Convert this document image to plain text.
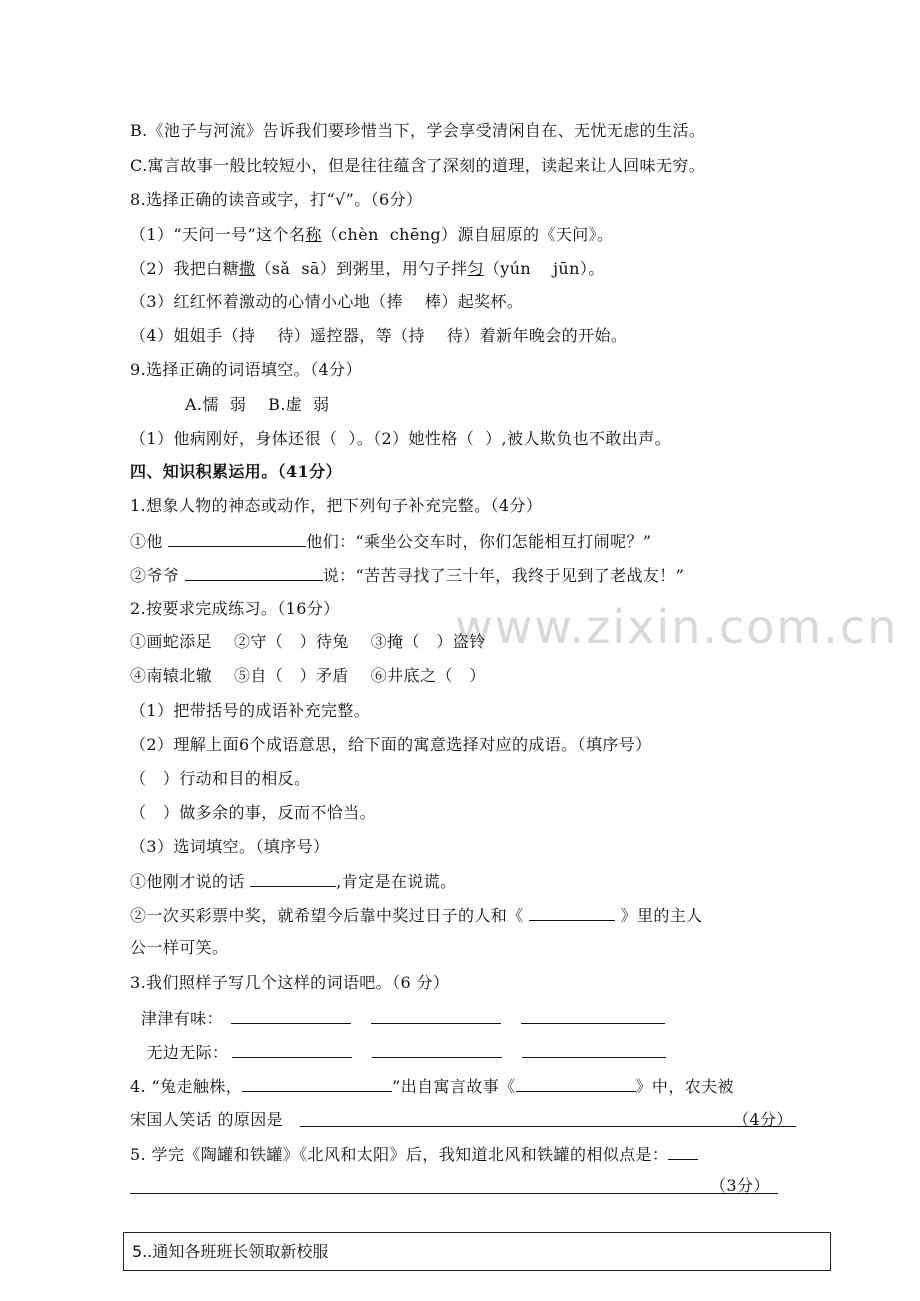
www.zixin.com.cn
B.《池子与河流》告诉我们要珍惜当下，学会享受清闲自在、无忧无虑的生活。
C.寓言故事一般比较短小，但是往往蕴含了深刻的道理，读起来让人回味无穷。
8.选择正确的读音或字，打“√”。（6分）
（1）“天问一号”这个名称（chèn  chēng）源自屈原的《天问》。
（2）我把白糖撒（sǎ  sā）到粥里，用勺子拌匀（yún    jūn）。
（3）红红怀着激动的心情小心地（捧    棒）起奖杯。
（4）姐姐手（持    待）遥控器，等（持    待）着新年晚会的开始。
9.选择正确的词语填空。（4分）
A.懦  弱    B.虚  弱
（1）他病刚好，身体还很（  ）。（2）她性格（  ）,被人欺负也不敢出声。
四、知识积累运用。（41分）
1.想象人物的神态或动作，把下列句子补充完整。（4分）
①他	他们：“乘坐公交车时，你们怎能相互打闹呢？”
②爷爷	说：“苦苦寻找了三十年，我终于见到了老战友！”
2.按要求完成练习。（16分）
①画蛇添足    ②守（   ）待兔    ③掩（   ）盗铃
④南辕北辙    ⑤自（   ）矛盾    ⑥井底之（   ）
（1）把带括号的成语补充完整。
（2）理解上面6个成语意思，给下面的寓意选择对应的成语。（填序号）
（   ）行动和目的相反。
（   ）做多余的事，反而不恰当。
（3）选词填空。（填序号）
①他刚才说的话	,肯定是在说谎。
②一次买彩票中奖，就希望今后靠中奖过日子的人和《	》里的主人
公一样可笑。
3.我们照样子写几个这样的词语吧。（6 分）
津津有味：
无边无际：
4. “兔走触株，	”出自寓言故事《	》中，农夫被
宋国人笑话 的原因是	（4分）
5. 学完《陶罐和铁罐》《北风和太阳》后，我知道北风和铁罐的相似点是：
（3分）
5..通知各班班长领取新校服
